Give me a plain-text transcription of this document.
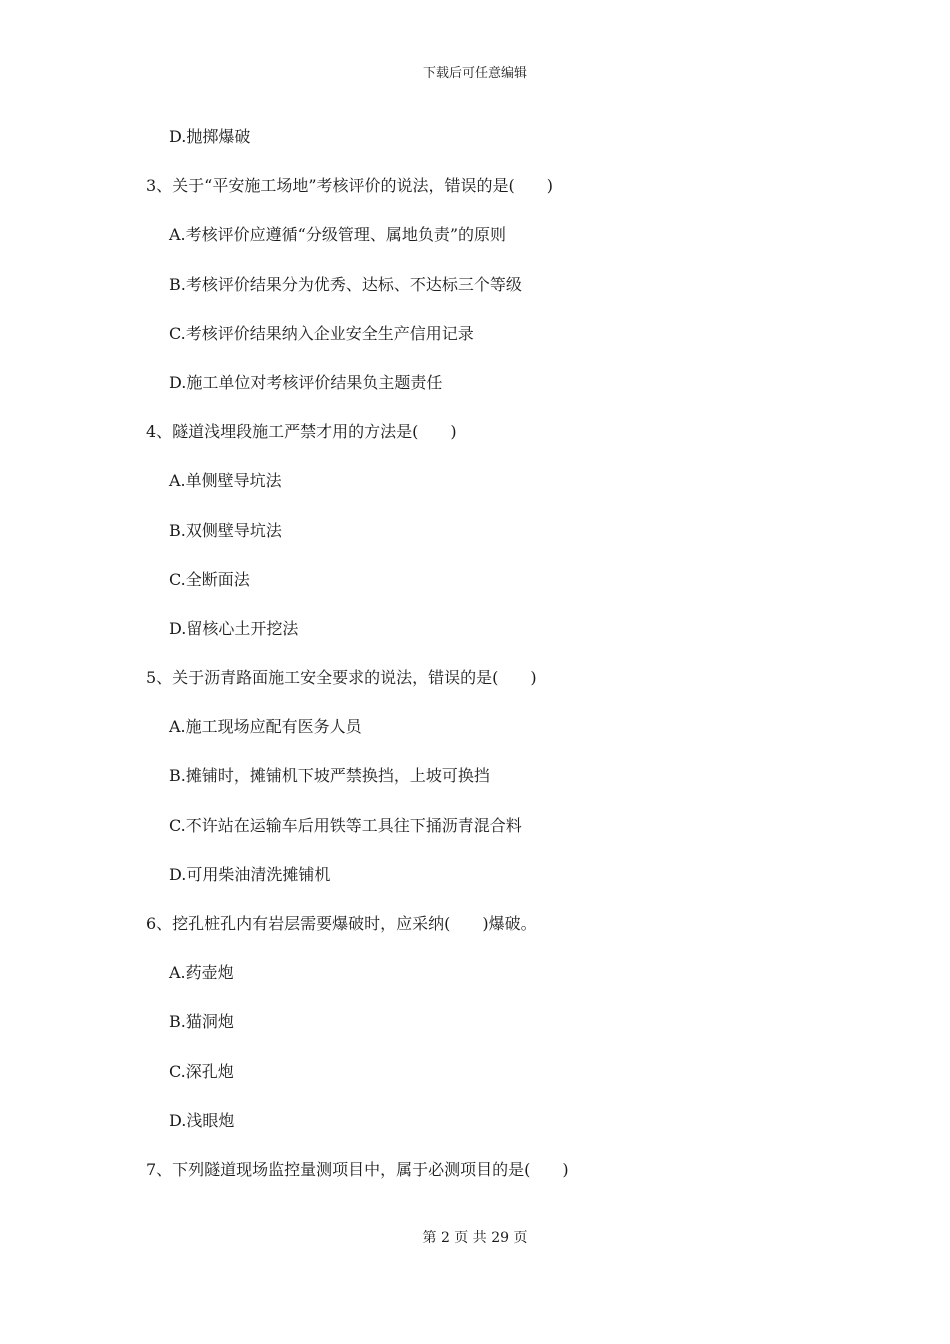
下载后可任意编辑
D.抛掷爆破
3、关于“平安施工场地”考核评价的说法，错误的是(　　)
A.考核评价应遵循“分级管理、属地负责”的原则
B.考核评价结果分为优秀、达标、不达标三个等级
C.考核评价结果纳入企业安全生产信用记录
D.施工单位对考核评价结果负主题责任
4、隧道浅埋段施工严禁才用的方法是(　　)
A.单侧壁导坑法
B.双侧壁导坑法
C.全断面法
D.留核心土开挖法
5、关于沥青路面施工安全要求的说法，错误的是(　　)
A.施工现场应配有医务人员
B.摊铺时，摊铺机下坡严禁换挡，上坡可换挡
C.不许站在运输车后用铁等工具往下捅沥青混合料
D.可用柴油清洗摊铺机
6、挖孔桩孔内有岩层需要爆破时，应采纳(　　)爆破。
A.药壶炮
B.猫洞炮
C.深孔炮
D.浅眼炮
7、下列隧道现场监控量测项目中，属于必测项目的是(　　)
第 2 页 共 29 页
